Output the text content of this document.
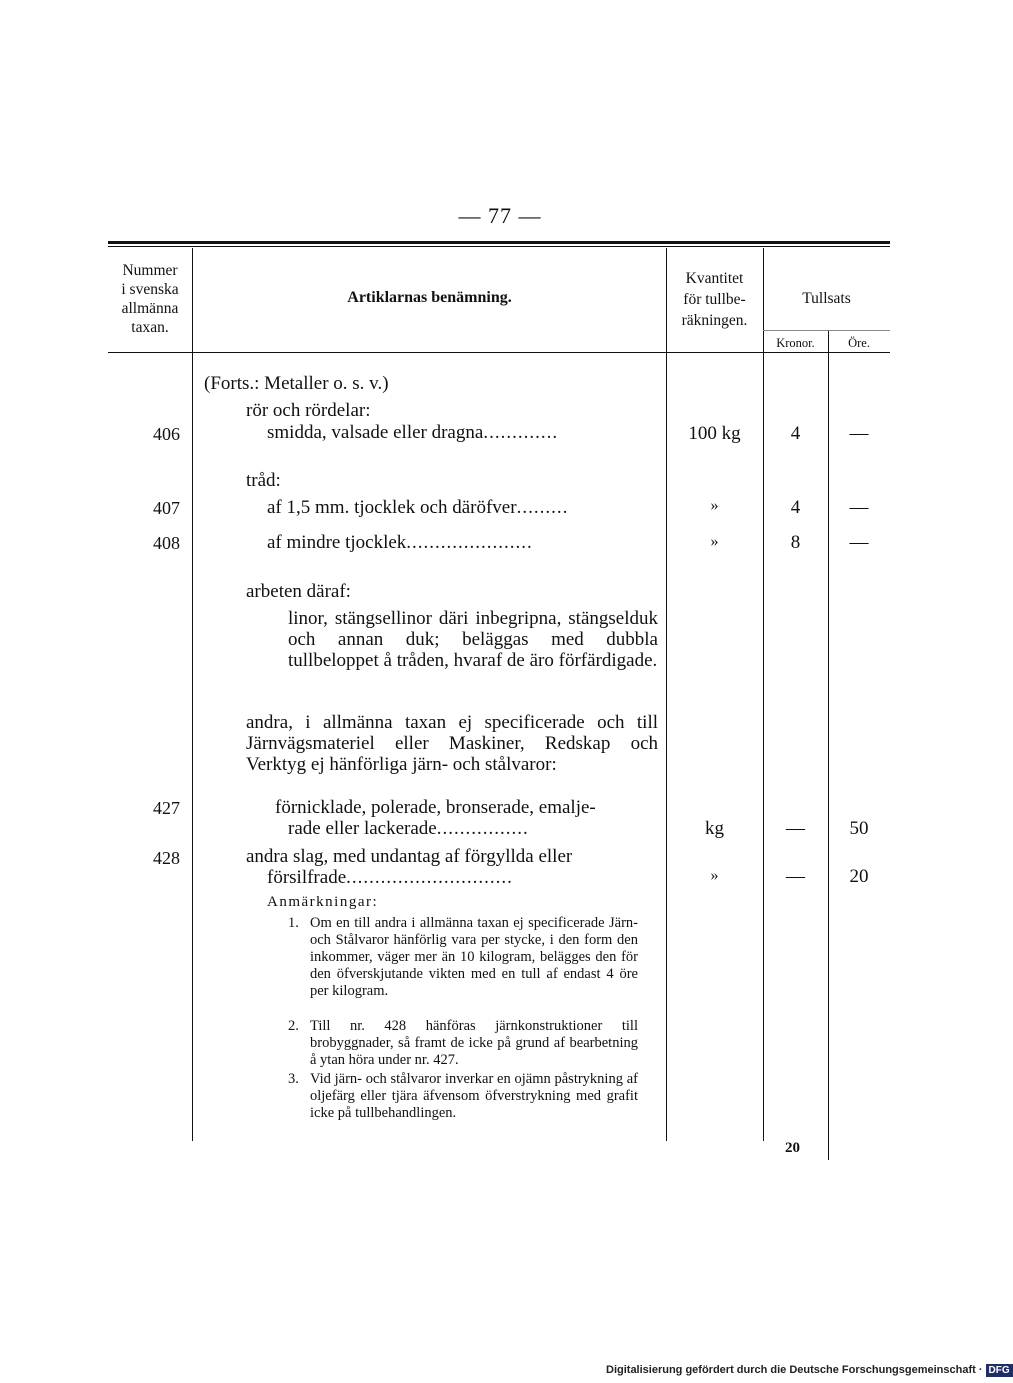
— 77 —
Nummer
i svenska
allmänna
taxan.
Artiklarnas benämning.
Kvantitet
för tullbe-
räkningen.
Tullsats
Kronor.	Öre.
(Forts.: Metaller o. s. v.)
rör och rördelar:
406	smidda, valsade eller dragna.............	100 kg	4	—
tråd:
407	af 1,5 mm. tjocklek och däröfver.........	»	4	—
408	af mindre tjocklek......................	»	8	—
arbeten däraf:
linor, stängsellinor däri inbegripna, stängselduk och annan duk; beläggas med dubbla tullbeloppet å tråden, hvaraf de äro förfärdigade.
andra, i allmänna taxan ej specificerade och till Järnvägsmateriel eller Maskiner, Redskap och Verktyg ej hänförliga järn- och stålvaror:
427	förnicklade, polerade, bronserade, emalje-
rade eller lackerade................	kg	—	50
428	andra slag, med undantag af förgyllda eller
försilfrade.............................	»	—	20
Anmärkningar:
1. Om en till andra i allmänna taxan ej specificerade Järn- och Stålvaror hänförlig vara per stycke, i den form den inkommer, väger mer än 10 kilogram, belägges den för den öfverskjutande vikten med en tull af endast 4 öre per kilogram.
2. Till nr. 428 hänföras järnkonstruktioner till brobyggnader, så framt de icke på grund af bearbetning å ytan höra under nr. 427.
3. Vid järn- och stålvaror inverkar en ojämn påstrykning af oljefärg eller tjära äfvensom öfverstrykning med grafit icke på tullbehandlingen.
20
Digitalisierung gefördert durch die Deutsche Forschungsgemeinschaft · DFG
